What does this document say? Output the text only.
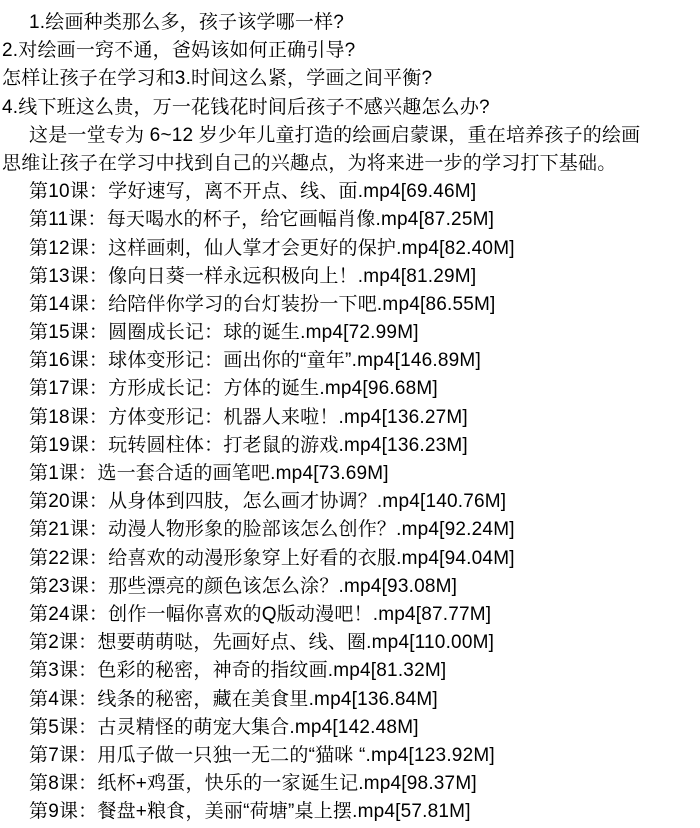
1.绘画种类那么多，孩子该学哪一样?
2.对绘画一窍不通，爸妈该如何正确引导?
怎样让孩子在学习和3.时间这么紧，学画之间平衡?
4.线下班这么贵，万一花钱花时间后孩子不感兴趣怎么办?
这是一堂专为 6~12 岁少年儿童打造的绘画启蒙课，重在培养孩子的绘画
思维让孩子在学习中找到自己的兴趣点，为将来进一步的学习打下基础。
第10课：学好速写，离不开点、线、面.mp4[69.46M]
第11课：每天喝水的杯子，给它画幅肖像.mp4[87.25M]
第12课：这样画刺，仙人掌才会更好的保护.mp4[82.40M]
第13课：像向日葵一样永远积极向上！.mp4[81.29M]
第14课：给陪伴你学习的台灯装扮一下吧.mp4[86.55M]
第15课：圆圈成长记：球的诞生.mp4[72.99M]
第16课：球体变形记：画出你的“童年”.mp4[146.89M]
第17课：方形成长记：方体的诞生.mp4[96.68M]
第18课：方体变形记：机器人来啦！.mp4[136.27M]
第19课：玩转圆柱体：打老鼠的游戏.mp4[136.23M]
第1课：选一套合适的画笔吧.mp4[73.69M]
第20课：从身体到四肢，怎么画才协调？.mp4[140.76M]
第21课：动漫人物形象的脸部该怎么创作？.mp4[92.24M]
第22课：给喜欢的动漫形象穿上好看的衣服.mp4[94.04M]
第23课：那些漂亮的颜色该怎么涂？.mp4[93.08M]
第24课：创作一幅你喜欢的Q版动漫吧！.mp4[87.77M]
第2课：想要萌萌哒，先画好点、线、圈.mp4[110.00M]
第3课：色彩的秘密，神奇的指纹画.mp4[81.32M]
第4课：线条的秘密，藏在美食里.mp4[136.84M]
第5课：古灵精怪的萌宠大集合.mp4[142.48M]
第7课：用瓜子做一只独一无二的“猫咪 “.mp4[123.92M]
第8课：纸杯+鸡蛋，快乐的一家诞生记.mp4[98.37M]
第9课：餐盘+粮食，美丽“荷塘”桌上摆.mp4[57.81M]
